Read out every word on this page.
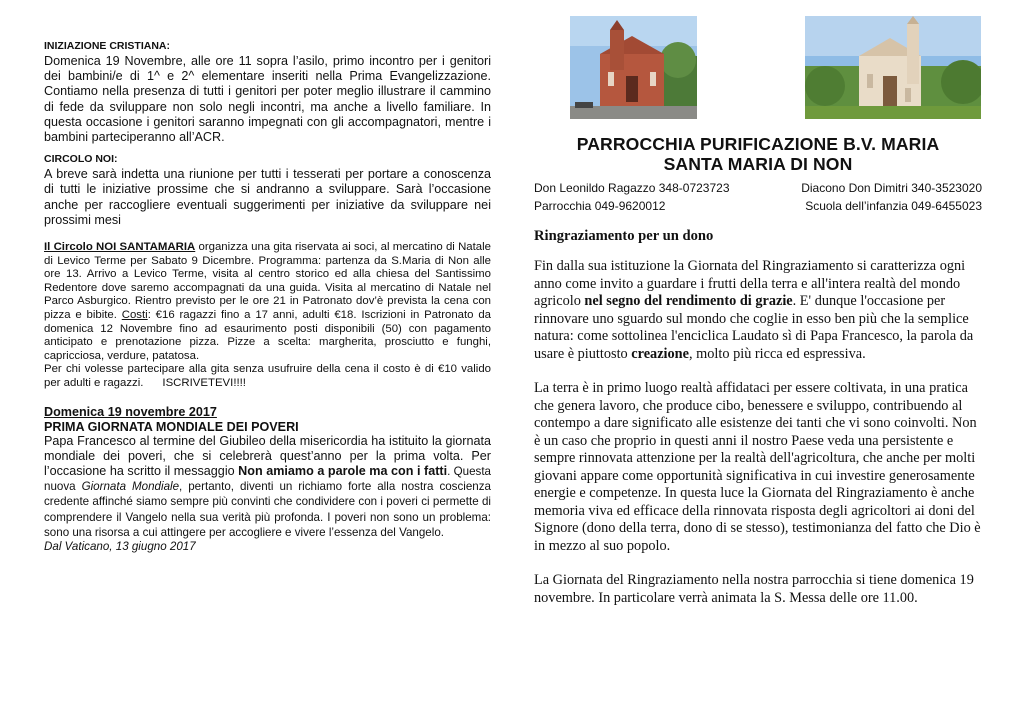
INIZIAZIONE CRISTIANA:

Domenica 19 Novembre, alle ore 11 sopra l’asilo, primo incontro per i genitori dei bambini/e di 1^ e 2^ elementare inseriti nella Prima Evangelizzazione. Contiamo nella presenza di tutti i genitori per poter meglio illustrare il cammino di fede da sviluppare non solo negli incontri, ma anche a livello familiare. In questa occasione i genitori saranno impegnati con gli accompagnatori, mentre i bambini parteciperanno all’ACR.

CIRCOLO NOI:

A breve sarà indetta una riunione per tutti i tesserati per portare a conoscenza di tutti le iniziative prossime che si andranno a sviluppare. Sarà l’occasione anche per raccogliere eventuali suggerimenti per iniziative da sviluppare nei prossimi mesi

Il Circolo NOI SANTAMARIA organizza una gita riservata ai soci, al mercatino di Natale di Levico Terme per Sabato 9 Dicembre. Programma: partenza da S.Maria di Non alle ore 13. Arrivo a Levico Terme, visita al centro storico ed alla chiesa del Santissimo Redentore dove saremo accompagnati da una guida. Visita al mercatino di Natale nel Parco Asburgico. Rientro previsto per le ore 21 in Patronato dov’è prevista la cena con pizza e bibite. Costi: €16 ragazzi fino a 17 anni, adulti €18. Iscrizioni in Patronato da domenica 12 Novembre fino ad esaurimento posti disponibili (50) con pagamento anticipato e prenotazione pizza. Pizze a scelta: margherita, prosciutto e funghi, capricciosa, verdure, patatosa.

Per chi volesse partecipare alla gita senza usufruire della cena il costo è di €10 valido per adulti e ragazzi. ISCRIVETEVI!!!!

Domenica 19 novembre 2017
PRIMA GIORNATA MONDIALE DEI POVERI

Papa Francesco al termine del Giubileo della misericordia ha istituito la giornata mondiale dei poveri, che si celebrerà quest’anno per la prima volta. Per l’occasione ha scritto il messaggio Non amiamo a parole ma con i fatti. Questa nuova Giornata Mondiale, pertanto, diventi un richiamo forte alla nostra coscienza credente affinché siamo sempre più convinti che condividere con i poveri ci permette di comprendere il Vangelo nella sua verità più profonda. I poveri non sono un problema: sono una risorsa a cui attingere per accogliere e vivere l’essenza del Vangelo.

Dal Vaticano, 13 giugno 2017
PARROCCHIA PURIFICAZIONE B.V. MARIA
SANTA MARIA DI NON
Don Leonildo Ragazzo 348-0723723	Diacono Don Dimitri 340-3523020
Parrocchia 049-9620012	Scuola dell’infanzia 049-6455023
Ringraziamento per un dono

Fin dalla sua istituzione la Giornata del Ringraziamento si caratterizza ogni anno come invito a guardare i frutti della terra e all'intera realtà del mondo agricolo nel segno del rendimento di grazie. E' dunque l'occasione per rinnovare uno sguardo sul mondo che coglie in esso ben più che la semplice natura: come sottolinea l'enciclica Laudato sì di Papa Francesco, la parola da usare è piuttosto creazione, molto più ricca ed espressiva.

La terra è in primo luogo realtà affidataci per essere coltivata, in una pratica che genera lavoro, che produce cibo, benessere e sviluppo, contribuendo al contempo a dare significato alle esistenze dei tanti che vi sono coinvolti. Non è un caso che proprio in questi anni il nostro Paese veda una persistente e sempre rinnovata attenzione per la realtà dell'agricoltura, che anche per molti giovani appare come opportunità significativa in cui investire generosamente energie e competenze. In questa luce la Giornata del Ringraziamento è anche memoria viva ed efficace della rinnovata risposta degli agricoltori ai doni del Signore (dono della terra, dono di se stesso), testimonianza del fatto che Dio è in mezzo al suo popolo.

La Giornata del Ringraziamento nella nostra parrocchia si tiene domenica 19 novembre. In particolare verrà animata la S. Messa delle ore 11.00.
